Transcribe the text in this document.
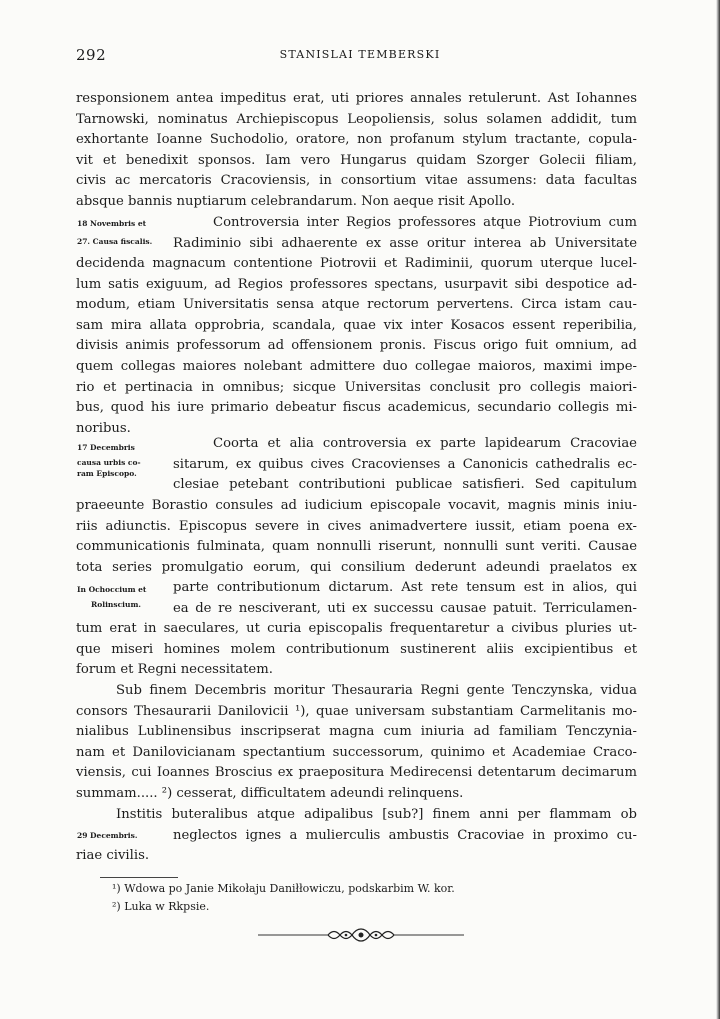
292	STANISLAI TEMBERSKI
responsionem antea impeditus erat, uti priores annales retulerunt. Ast Iohannes
Tarnowski, nominatus Archiepiscopus Leopoliensis, solus solamen addidit, tum
exhortante Ioanne Suchodolio, oratore, non profanum stylum tractante, copula-
vit et benedixit sponsos. Iam vero Hungarus quidam Szorger Golecii filiam,
civis ac mercatoris Cracoviensis, in consortium vitae assumens: data facultas
absque bannis nuptiarum celebrandarum. Non aeque risit Apollo.
Controversia inter Regios professores atque Piotrovium cum
Radiminio sibi adhaerente ex asse oritur interea ab Universitate
decidenda magnacum contentione Piotrovii et Radiminii, quorum uterque lucel-
lum satis exiguum, ad Regios professores spectans, usurpavit sibi despotice ad-
modum, etiam Universitatis sensa atque rectorum pervertens. Circa istam cau-
sam mira allata opprobria, scandala, quae vix inter Kosacos essent reperibilia,
divisis animis professorum ad offensionem pronis. Fiscus origo fuit omnium, ad
quem collegas maiores nolebant admittere duo collegae maioros, maximi impe-
rio et pertinacia in omnibus; sicque Universitas conclusit pro collegis maiori-
bus, quod his iure primario debeatur fiscus academicus, secundario collegis mi-
noribus.
Coorta et alia controversia ex parte lapidearum Cracoviae
sitarum, ex quibus cives Cracovienses a Canonicis cathedralis ec-
clesiae petebant contributioni publicae satisfieri. Sed capitulum
praeeunte Borastio consules ad iudicium episcopale vocavit, magnis minis iniu-
riis adiunctis. Episcopus severe in cives animadvertere iussit, etiam poena ex-
communicationis fulminata, quam nonnulli riserunt, nonnulli sunt veriti. Causae
tota series promulgatio eorum, qui consilium dederunt adeundi praelatos ex
parte contributionum dictarum. Ast rete tensum est in alios, qui
ea de re nesciverant, uti ex successu causae patuit. Terriculamen-
tum erat in saeculares, ut curia episcopalis frequentaretur a civibus pluries ut-
que miseri homines molem contributionum sustinerent aliis excipientibus et
forum et Regni necessitatem.
Sub finem Decembris moritur Thesauraria Regni gente Tenczynska, vidua
consors Thesaurarii Danilovicii ¹), quae universam substantiam Carmelitanis mo-
nialibus Lublinensibus inscripserat magna cum iniuria ad familiam Tenczynia-
nam et Danilovicianam spectantium successorum, quinimo et Academiae Craco-
viensis, cui Ioannes Broscius ex praepositura Medirecensi detentarum decimarum
summam..... ²) cesserat, difficultatem adeundi relinquens.
Institis buteralibus atque adipalibus [sub?] finem anni per flammam ob
neglectos ignes a mulierculis ambustis Cracoviae in proximo cu-
riae civilis.
18 Novembris et
27. Causa fiscalis.
17 Decembris
causa urbis co-
ram Episcopo.
In Ochoccium et
Rolinscium.
29 Decembris.
¹) Wdowa po Janie Mikołaju Daniłłowiczu, podskarbim W. kor.
²) Luka w Rkpsie.
